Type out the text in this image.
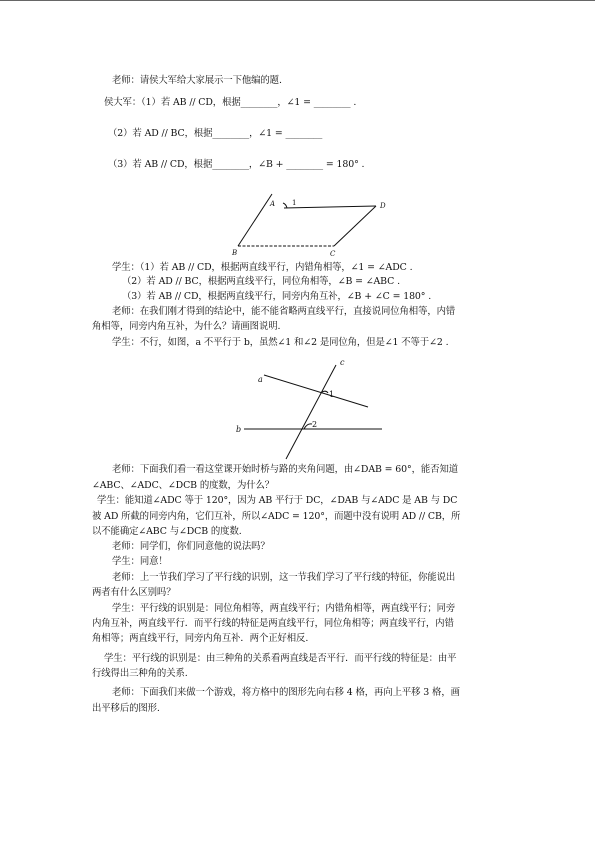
老师：请侯大军给大家展示一下他编的题.
侯大军：（1）若 AB // CD，根据________，∠1 = ________ .
（2）若 AD // BC，根据________，∠1 = ________
（3）若 AB // CD，根据________，∠B + ________ = 180° .
A
B	C
D
1
学生：（1）若 AB // CD，根据两直线平行，内错角相等，∠1 = ∠ADC .
（2）若 AD // BC，根据两直线平行，同位角相等，∠B = ∠ABC .
（3）若 AB // CD，根据两直线平行，同旁内角互补，∠B + ∠C = 180° .
老师：在我们刚才得到的结论中，能不能省略两直线平行，直接说同位角相等，内错
角相等，同旁内角互补，为什么？请画图说明.
学生：不行，如图，a 不平行于 b，虽然∠1 和∠2 是同位角，但是∠1 不等于∠2 .
a
b
c
1
2
老师：下面我们看一看这堂课开始时桥与路的夹角问题，由∠DAB = 60°，能否知道
∠ABC、∠ADC、∠DCB 的度数，为什么？
学生：能知道∠ADC 等于 120°，因为 AB 平行于 DC，∠DAB 与∠ADC 是 AB 与 DC
被 AD 所截的同旁内角，它们互补，所以∠ADC = 120°，而题中没有说明 AD // CB，所
以不能确定∠ABC 与∠DCB 的度数.
老师：同学们，你们同意他的说法吗？
学生：同意！
老师：上一节我们学习了平行线的识别，这一节我们学习了平行线的特征，你能说出
两者有什么区别吗？
学生：平行线的识别是：同位角相等，两直线平行；内错角相等，两直线平行；同旁
内角互补，两直线平行．而平行线的特征是两直线平行，同位角相等；两直线平行，内错
角相等；两直线平行，同旁内角互补．两个正好相反.
学生：平行线的识别是：由三种角的关系看两直线是否平行．而平行线的特征是：由平
行线得出三种角的关系.
老师：下面我们来做一个游戏，将方格中的图形先向右移 4 格，再向上平移 3 格，画
出平移后的图形.
